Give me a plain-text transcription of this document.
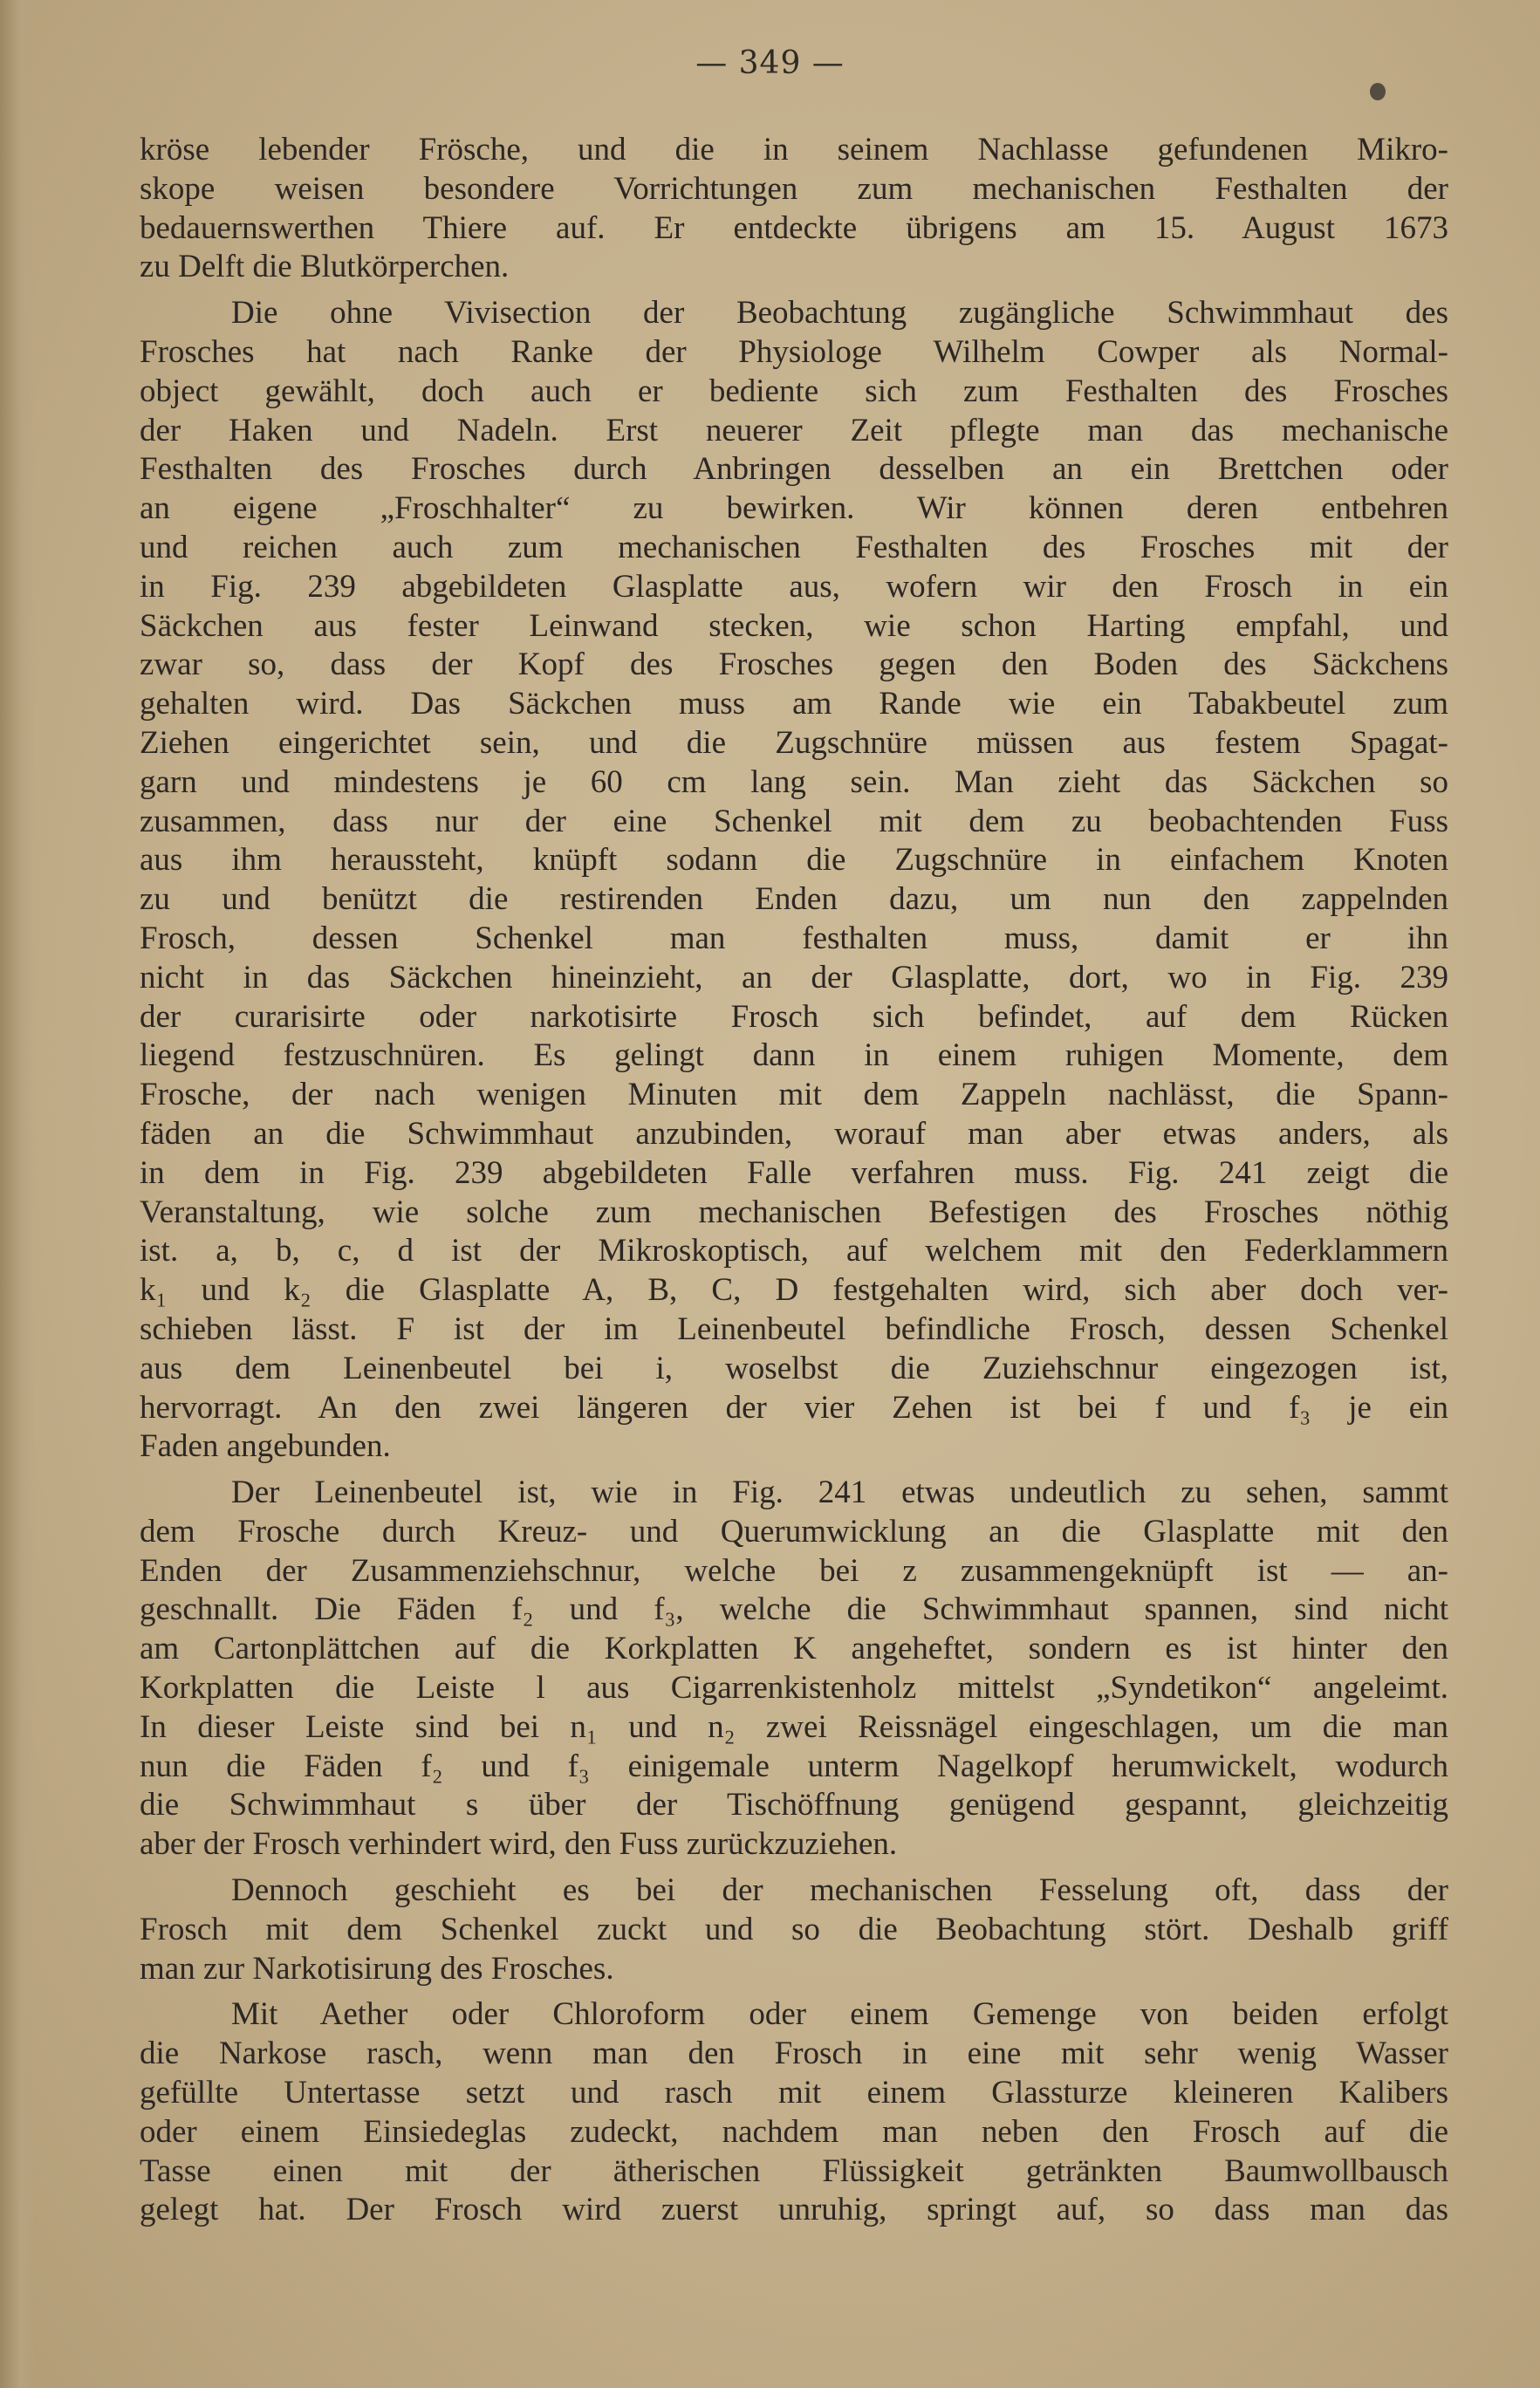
— 349 —
kröse lebender Frösche, und die in seinem Nachlasse gefundenen Mikro-
skope weisen besondere Vorrichtungen zum mechanischen Festhalten der
bedauernswerthen Thiere auf. Er entdeckte übrigens am 15. August 1673
zu Delft die Blutkörperchen.
Die ohne Vivisection der Beobachtung zugängliche Schwimmhaut des
Frosches hat nach Ranke der Physiologe Wilhelm Cowper als Normal-
object gewählt, doch auch er bediente sich zum Festhalten des Frosches
der Haken und Nadeln. Erst neuerer Zeit pflegte man das mechanische
Festhalten des Frosches durch Anbringen desselben an ein Brettchen oder
an eigene „Froschhalter“ zu bewirken. Wir können deren entbehren
und reichen auch zum mechanischen Festhalten des Frosches mit der
in Fig. 239 abgebildeten Glasplatte aus, wofern wir den Frosch in ein
Säckchen aus fester Leinwand stecken, wie schon Harting empfahl, und
zwar so, dass der Kopf des Frosches gegen den Boden des Säckchens
gehalten wird. Das Säckchen muss am Rande wie ein Tabakbeutel zum
Ziehen eingerichtet sein, und die Zugschnüre müssen aus festem Spagat-
garn und mindestens je 60 cm lang sein. Man zieht das Säckchen so
zusammen, dass nur der eine Schenkel mit dem zu beobachtenden Fuss
aus ihm heraussteht, knüpft sodann die Zugschnüre in einfachem Knoten
zu und benützt die restirenden Enden dazu, um nun den zappelnden
Frosch, dessen Schenkel man festhalten muss, damit er ihn
nicht in das Säckchen hineinzieht, an der Glasplatte, dort, wo in Fig. 239
der curarisirte oder narkotisirte Frosch sich befindet, auf dem Rücken
liegend festzuschnüren. Es gelingt dann in einem ruhigen Momente, dem
Frosche, der nach wenigen Minuten mit dem Zappeln nachlässt, die Spann-
fäden an die Schwimmhaut anzubinden, worauf man aber etwas anders, als
in dem in Fig. 239 abgebildeten Falle verfahren muss. Fig. 241 zeigt die
Veranstaltung, wie solche zum mechanischen Befestigen des Frosches nöthig
ist. a, b, c, d ist der Mikroskoptisch, auf welchem mit den Federklammern
k₁ und k₂ die Glasplatte A, B, C, D festgehalten wird, sich aber doch ver-
schieben lässt. F ist der im Leinenbeutel befindliche Frosch, dessen Schenkel
aus dem Leinenbeutel bei i, woselbst die Zuziehschnur eingezogen ist,
hervorragt. An den zwei längeren der vier Zehen ist bei f und f₃ je ein
Faden angebunden.
Der Leinenbeutel ist, wie in Fig. 241 etwas undeutlich zu sehen, sammt
dem Frosche durch Kreuz- und Querumwicklung an die Glasplatte mit den
Enden der Zusammenziehschnur, welche bei z zusammengeknüpft ist — an-
geschnallt. Die Fäden f₂ und f₃, welche die Schwimmhaut spannen, sind nicht
am Cartonplättchen auf die Korkplatten K angeheftet, sondern es ist hinter den
Korkplatten die Leiste l aus Cigarrenkistenholz mittelst „Syndetikon“ angeleimt.
In dieser Leiste sind bei n₁ und n₂ zwei Reissnägel eingeschlagen, um die man
nun die Fäden f₂ und f₃ einigemale unterm Nagelkopf herumwickelt, wodurch
die Schwimmhaut s über der Tischöffnung genügend gespannt, gleichzeitig
aber der Frosch verhindert wird, den Fuss zurückzuziehen.
Dennoch geschieht es bei der mechanischen Fesselung oft, dass der
Frosch mit dem Schenkel zuckt und so die Beobachtung stört. Deshalb griff
man zur Narkotisirung des Frosches.
Mit Aether oder Chloroform oder einem Gemenge von beiden erfolgt
die Narkose rasch, wenn man den Frosch in eine mit sehr wenig Wasser
gefüllte Untertasse setzt und rasch mit einem Glassturze kleineren Kalibers
oder einem Einsiedeglas zudeckt, nachdem man neben den Frosch auf die
Tasse einen mit der ätherischen Flüssigkeit getränkten Baumwollbausch
gelegt hat. Der Frosch wird zuerst unruhig, springt auf, so dass man das
